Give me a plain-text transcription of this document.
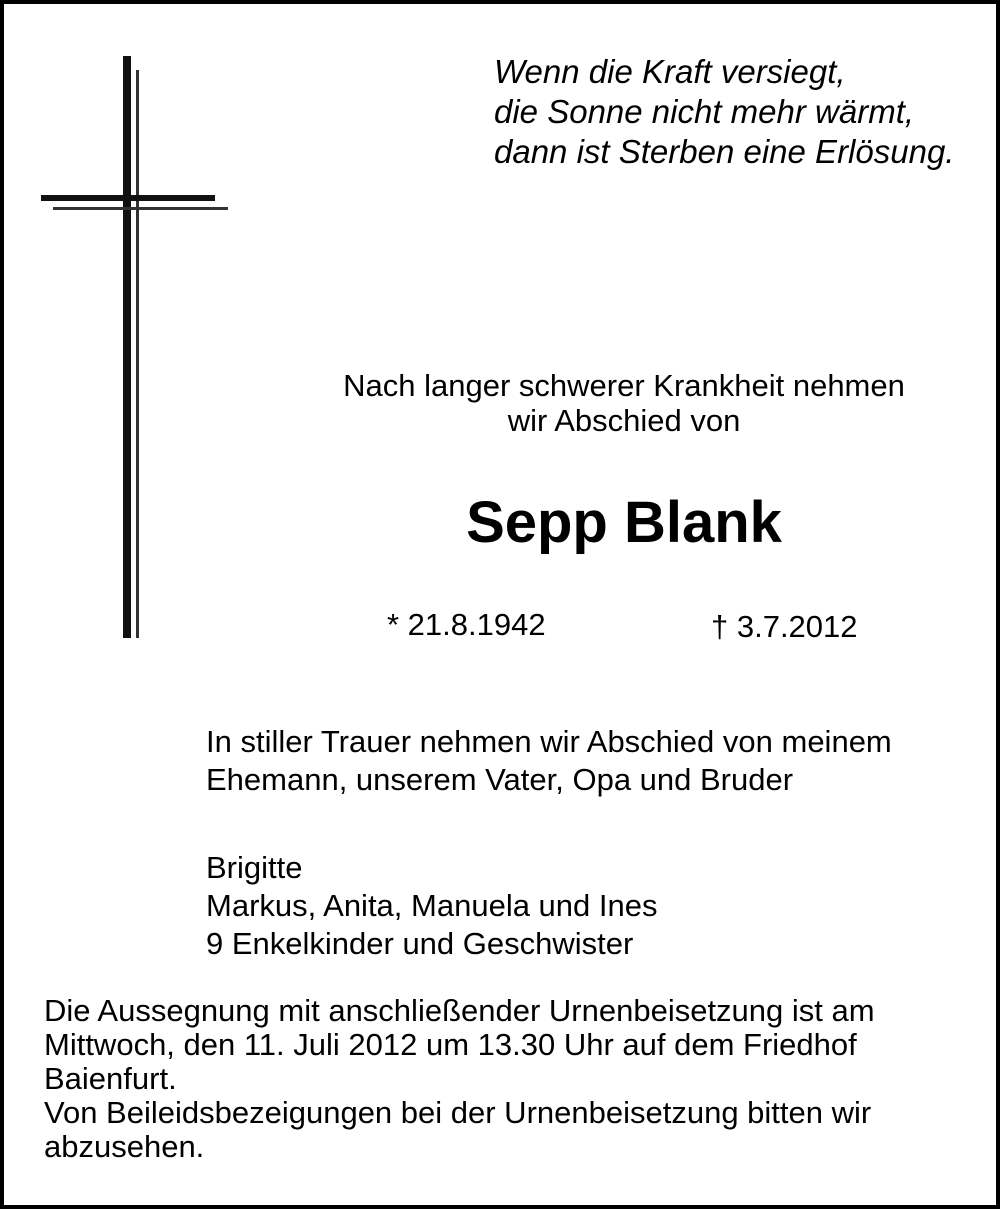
Wenn die Kraft versiegt,
die Sonne nicht mehr wärmt,
dann ist Sterben eine Erlösung.
Nach langer schwerer Krankheit nehmen
wir Abschied von
Sepp Blank
* 21.8.1942	† 3.7.2012
In stiller Trauer nehmen wir Abschied von meinem
Ehemann, unserem Vater, Opa und Bruder
Brigitte
Markus, Anita, Manuela und Ines
9 Enkelkinder und Geschwister
Die Aussegnung mit anschließender Urnenbeisetzung ist am
Mittwoch, den 11. Juli 2012 um 13.30 Uhr auf dem Friedhof
Baienfurt.
Von Beileidsbezeigungen bei der Urnenbeisetzung bitten wir
abzusehen.
